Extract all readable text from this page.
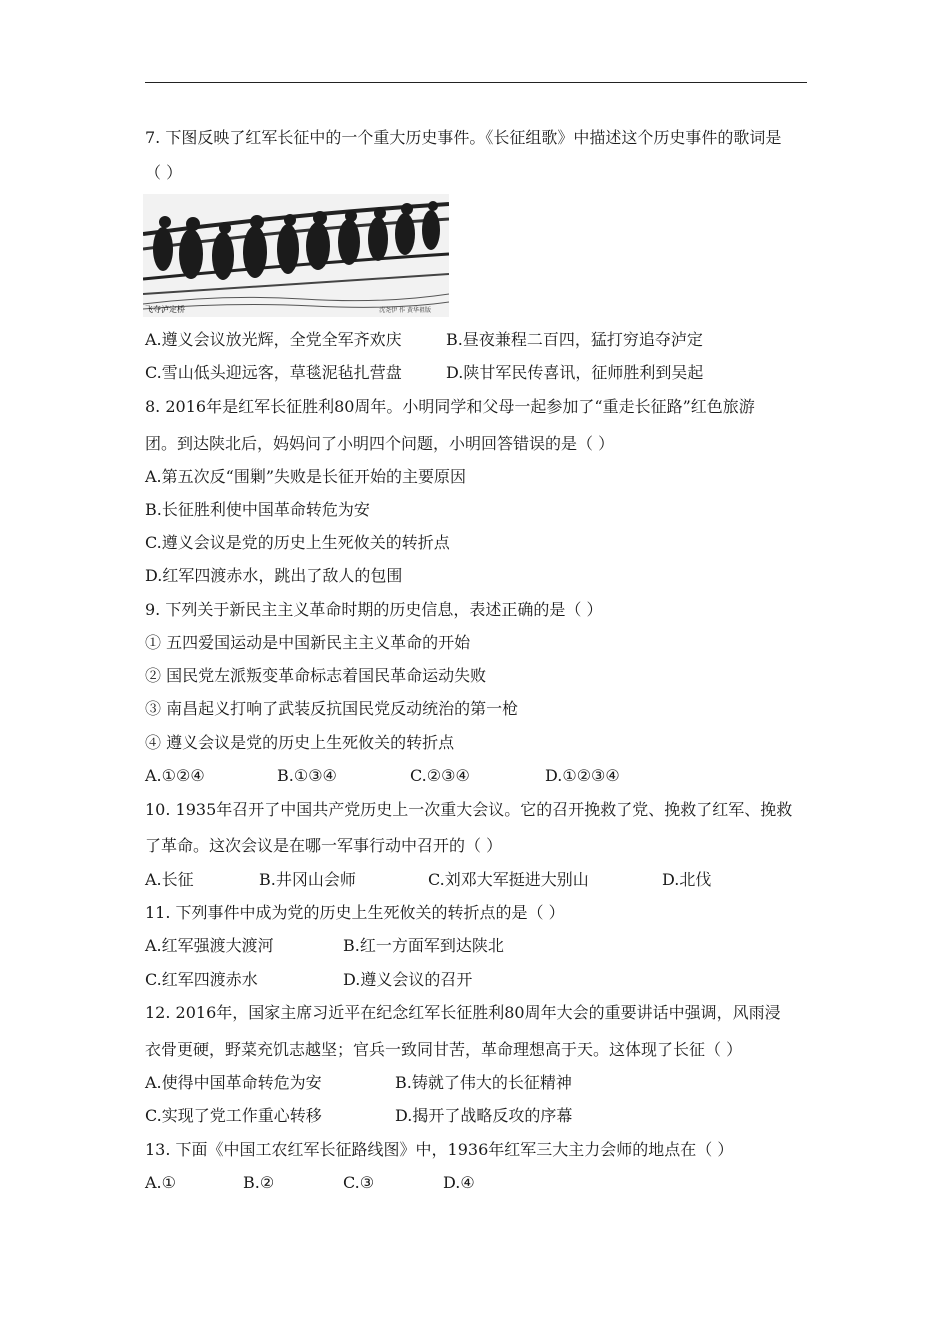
7. 下图反映了红军长征中的一个重大历史事件。《长征组歌》中描述这个历史事件的歌词是
（ ）
飞夺泸定桥	沈尧伊 作 黄华祖版
A.遵义会议放光辉，全党全军齐欢庆	B.昼夜兼程二百四，猛打穷追夺泸定
C.雪山低头迎远客，草毯泥毡扎营盘	D.陕甘军民传喜讯，征师胜利到吴起
8. 2016年是红军长征胜利80周年。小明同学和父母一起参加了“重走长征路”红色旅游
团。到达陕北后，妈妈问了小明四个问题，小明回答错误的是（ ）
A.第五次反“围剿”失败是长征开始的主要原因
B.长征胜利使中国革命转危为安
C.遵义会议是党的历史上生死攸关的转折点
D.红军四渡赤水，跳出了敌人的包围
9. 下列关于新民主主义革命时期的历史信息，表述正确的是（ ）
① 五四爱国运动是中国新民主主义革命的开始
② 国民党左派叛变革命标志着国民革命运动失败
③ 南昌起义打响了武装反抗国民党反动统治的第一枪
④ 遵义会议是党的历史上生死攸关的转折点
A.①②④	B.①③④	C.②③④	D.①②③④
10. 1935年召开了中国共产党历史上一次重大会议。它的召开挽救了党、挽救了红军、挽救
了革命。这次会议是在哪一军事行动中召开的（ ）
A.长征	B.井冈山会师	C.刘邓大军挺进大别山	D.北伐
11. 下列事件中成为党的历史上生死攸关的转折点的是（ ）
A.红军强渡大渡河	B.红一方面军到达陕北
C.红军四渡赤水	D.遵义会议的召开
12. 2016年，国家主席习近平在纪念红军长征胜利80周年大会的重要讲话中强调，风雨浸
衣骨更硬，野菜充饥志越坚；官兵一致同甘苦，革命理想高于天。这体现了长征（ ）
A.使得中国革命转危为安	B.铸就了伟大的长征精神
C.实现了党工作重心转移	D.揭开了战略反攻的序幕
13. 下面《中国工农红军长征路线图》中，1936年红军三大主力会师的地点在（ ）
A.①	B.②	C.③	D.④
